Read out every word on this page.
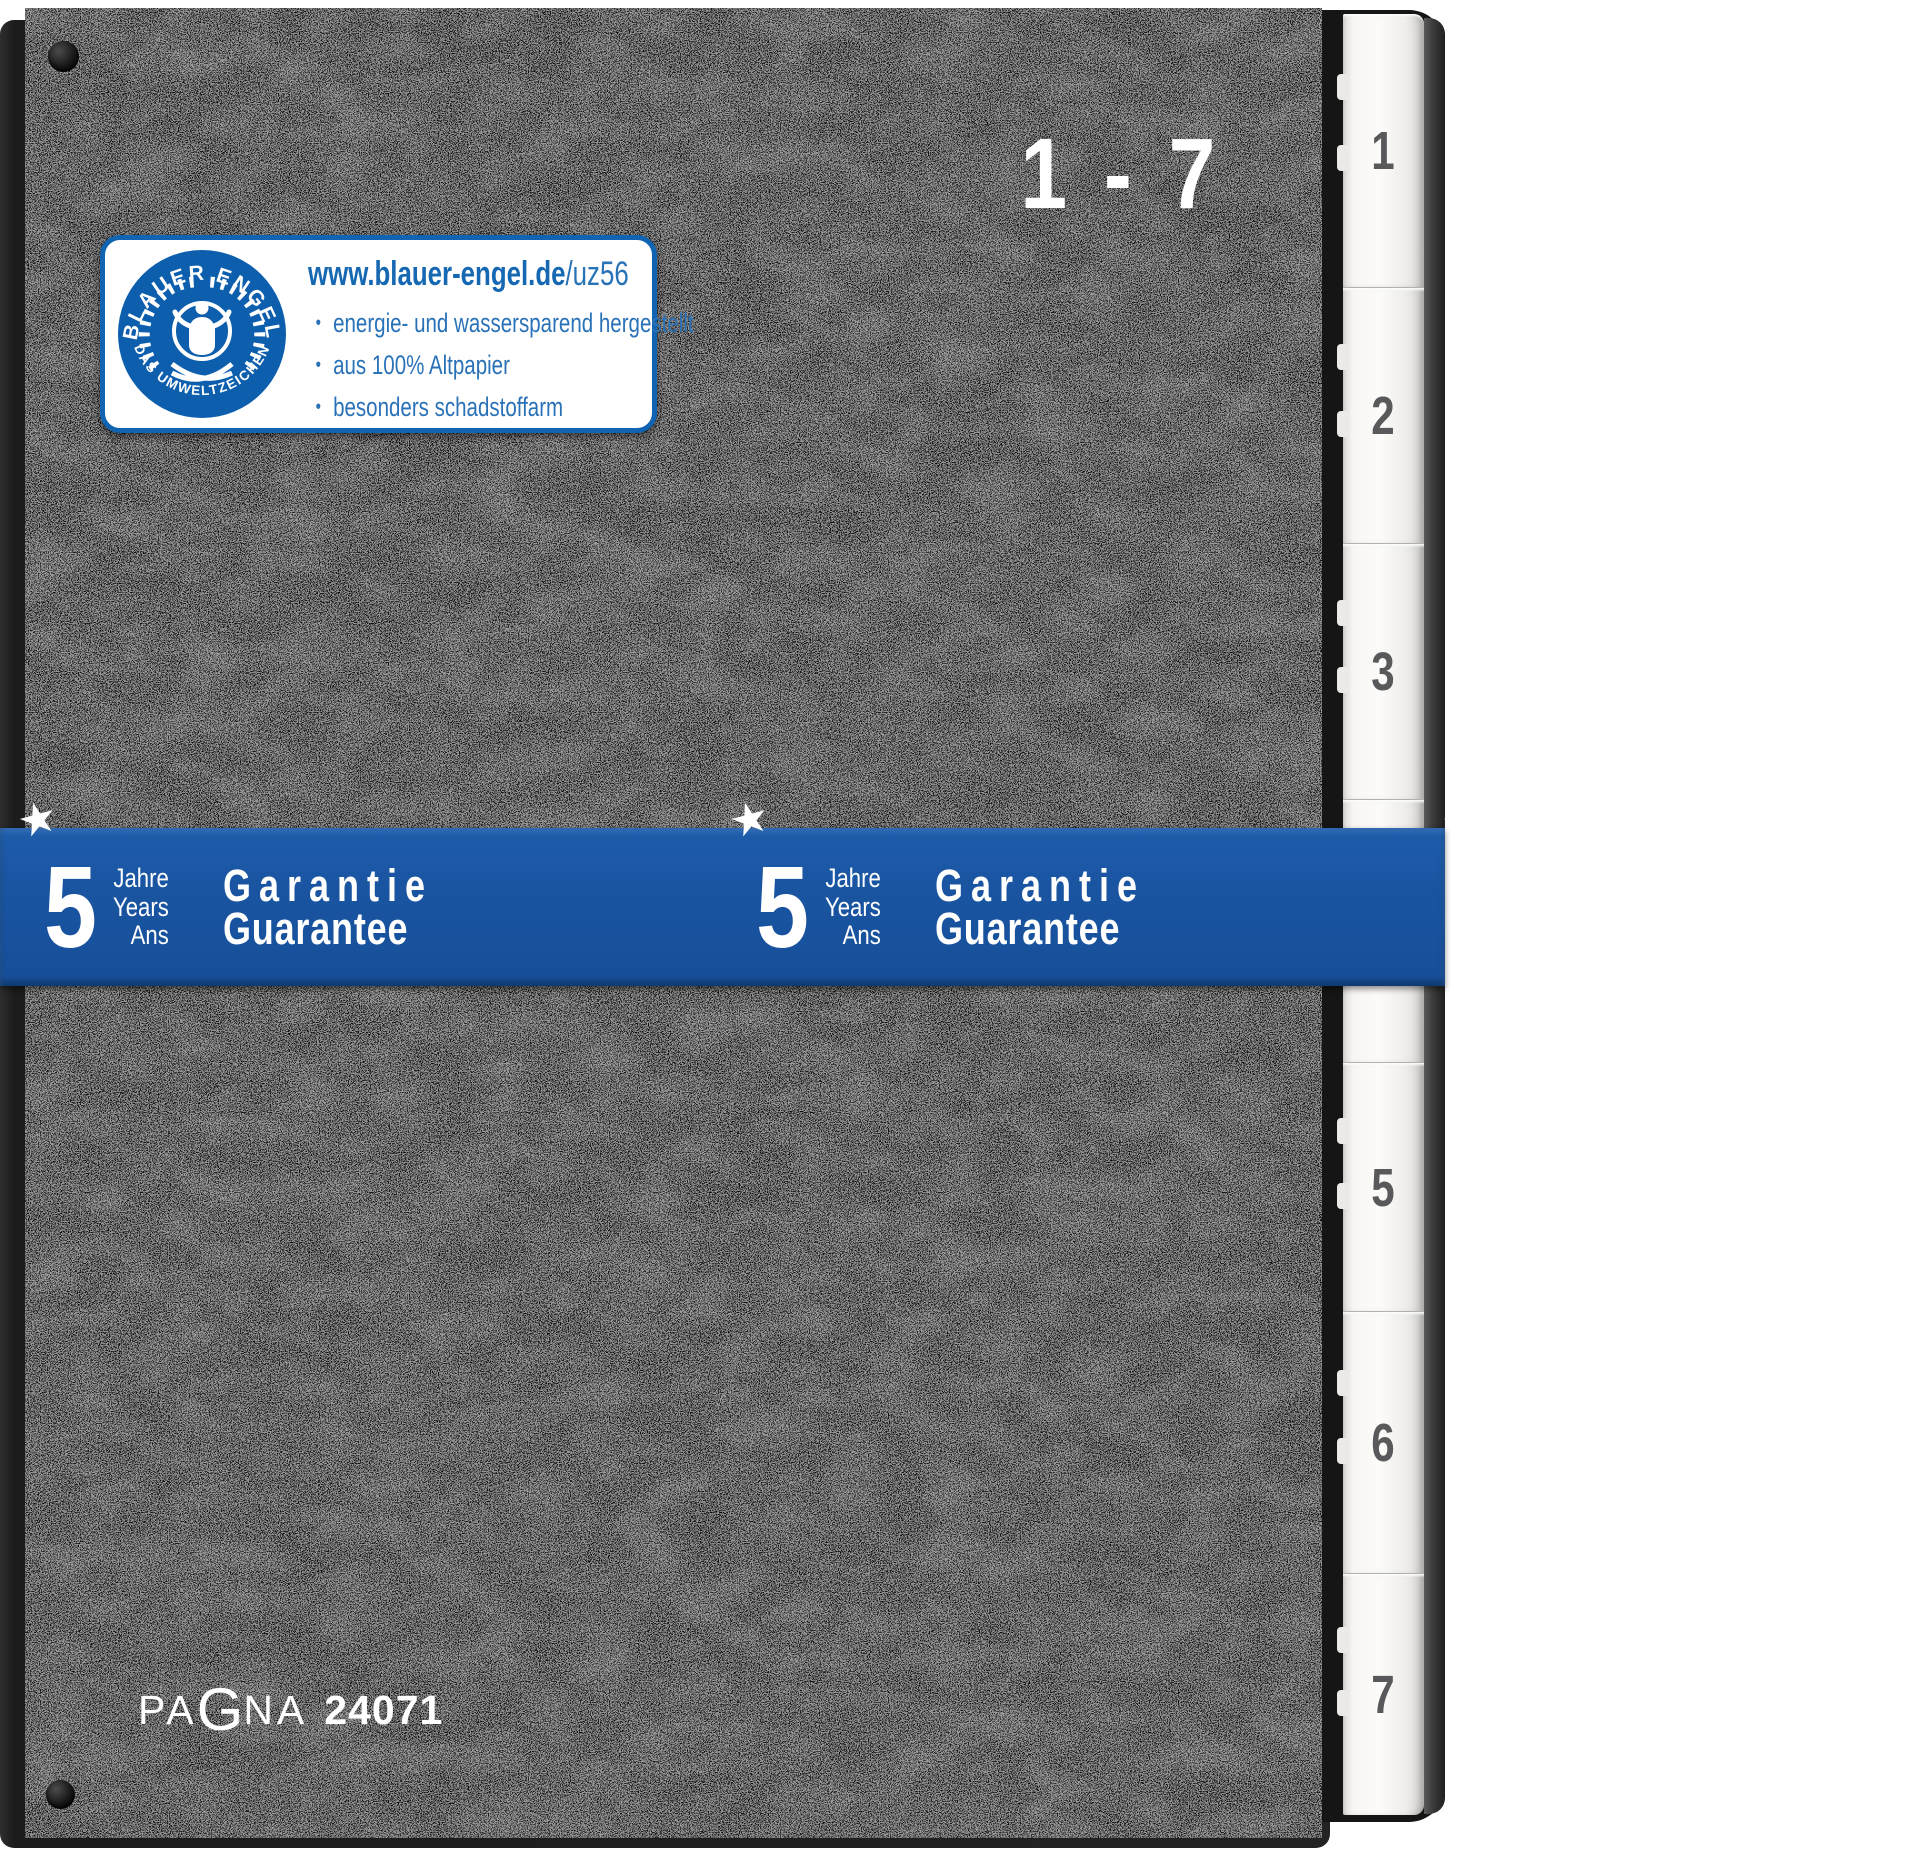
1
2
3
5
6
7
1 - 7
BLAUER ENGEL
DAS UMWELTZEICHEN
www.blauer-engel.de/uz56
• energie- und wassersparend hergestellt
• aus 100% Altpapier
• besonders schadstoffarm
PA G NA 24071
★
5 Jahre
Years
Ans
Garantie
Guarantee
★
5 Jahre
Years
Ans
Garantie
Guarantee
★
5 Jahre
Years
Ans
Garantie
Guarantee
